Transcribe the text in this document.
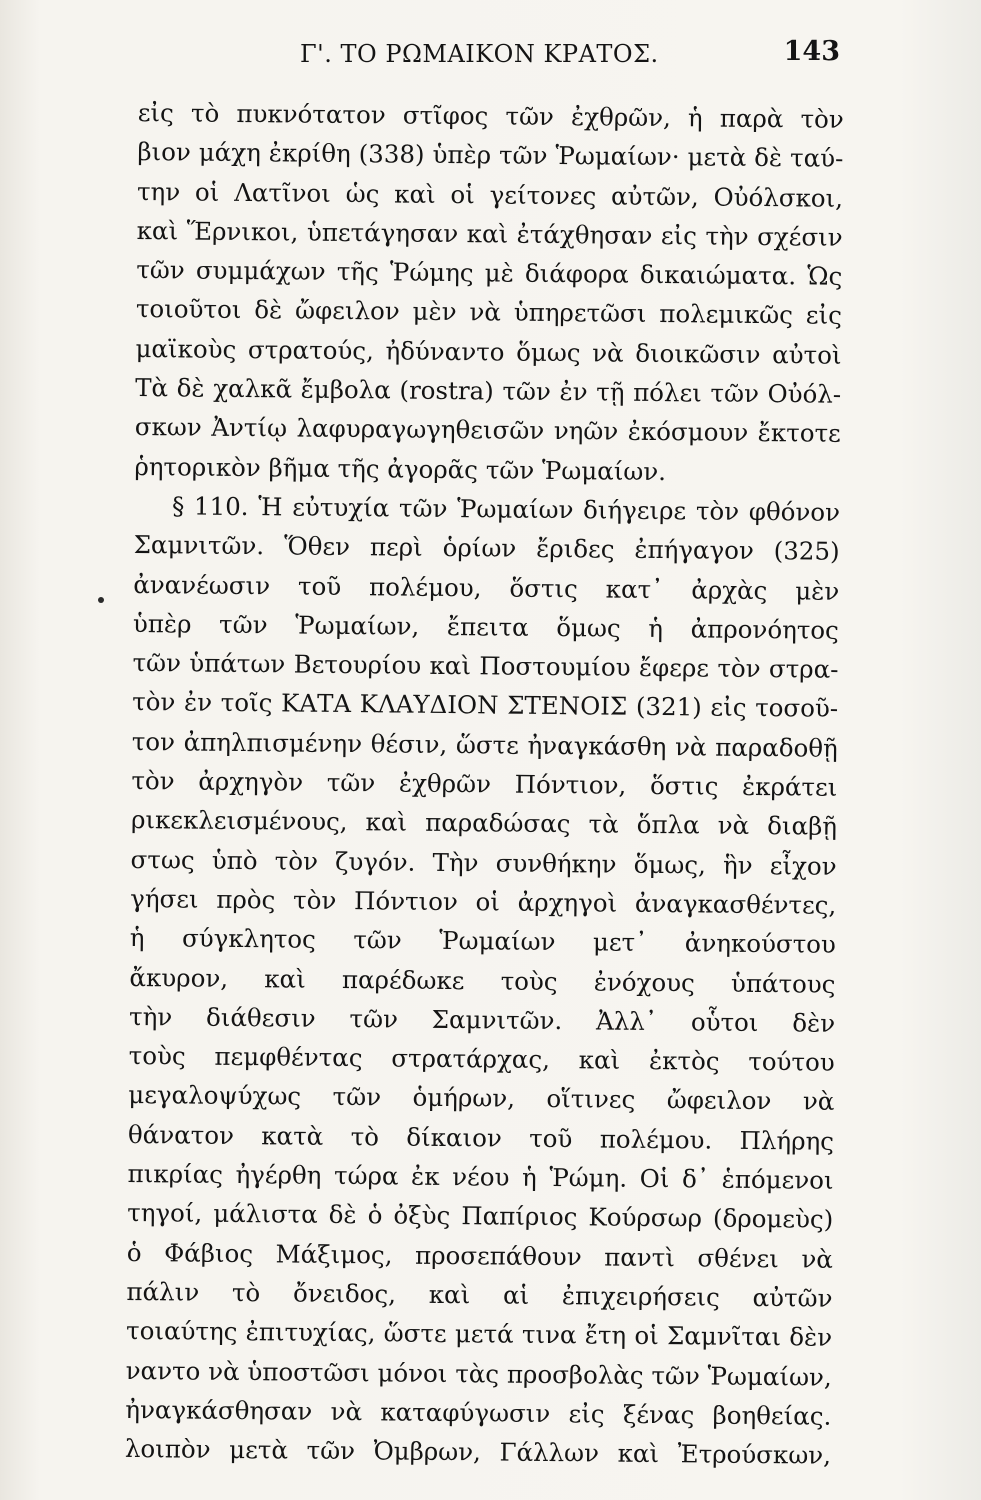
Γ'. ΤΟ ΡΩΜΑΙΚΟΝ ΚΡΑΤΟΣ.	143
εἰς τὸ πυκνότατον στῖφος τῶν ἐχθρῶν, ἡ παρὰ τὸν
βιον μάχη ἐκρίθη (338) ὑπὲρ τῶν Ῥωμαίων· μετὰ δὲ ταύ-
την οἱ Λατῖνοι ὡς καὶ οἱ γείτονες αὐτῶν, Οὐόλσκοι,
καὶ Ἕρνικοι, ὑπετάγησαν καὶ ἐτάχθησαν εἰς τὴν σχέσιν
τῶν συμμάχων τῆς Ῥώμης μὲ διάφορα δικαιώματα. Ὡς
τοιοῦτοι δὲ ὤφειλον μὲν νὰ ὑπηρετῶσι πολεμικῶς εἰς
μαϊκοὺς στρατούς, ἠδύναντο ὅμως νὰ διοικῶσιν αὐτοὶ
Τὰ δὲ χαλκᾶ ἔμβολα (rostra) τῶν ἐν τῇ πόλει τῶν Οὐόλ-
σκων Ἀντίῳ λαφυραγωγηθεισῶν νηῶν ἐκόσμουν ἔκτοτε
ῥητορικὸν βῆμα τῆς ἀγορᾶς τῶν Ῥωμαίων.
§ 110. Ἡ εὐτυχία τῶν Ῥωμαίων διήγειρε τὸν φθόνον
Σαμνιτῶν. Ὅθεν περὶ ὁρίων ἔριδες ἐπήγαγον (325)
ἀνανέωσιν τοῦ πολέμου, ὅστις κατ᾽ ἀρχὰς μὲν
ὑπὲρ τῶν Ῥωμαίων, ἔπειτα ὅμως ἡ ἀπρονόητος
τῶν ὑπάτων Βετουρίου καὶ Ποστουμίου ἔφερε τὸν στρα-
τὸν ἐν τοῖς ΚΑΤΑ ΚΛΑΥΔΙΟΝ ΣΤΕΝΟΙΣ (321) εἰς τοσοῦ-
τον ἀπηλπισμένην θέσιν, ὥστε ἠναγκάσθη νὰ παραδοθῇ
τὸν ἀρχηγὸν τῶν ἐχθρῶν Πόντιον, ὅστις ἐκράτει
ρικεκλεισμένους, καὶ παραδώσας τὰ ὅπλα νὰ διαβῇ
στως ὑπὸ τὸν ζυγόν. Τὴν συνθήκην ὅμως, ἣν εἶχον
γήσει πρὸς τὸν Πόντιον οἱ ἀρχηγοὶ ἀναγκασθέντες,
ἡ σύγκλητος τῶν Ῥωμαίων μετ᾽ ἀνηκούστου
ἄκυρον, καὶ παρέδωκε τοὺς ἐνόχους ὑπάτους
τὴν διάθεσιν τῶν Σαμνιτῶν. Ἀλλ᾽ οὗτοι δὲν
τοὺς πεμφθέντας στρατάρχας, καὶ ἐκτὸς τούτου
μεγαλοψύχως τῶν ὁμήρων, οἵτινες ὤφειλον νὰ
θάνατον κατὰ τὸ δίκαιον τοῦ πολέμου. Πλήρης
πικρίας ἠγέρθη τώρα ἐκ νέου ἡ Ῥώμη. Οἱ δ᾽ ἑπόμενοι
τηγοί, μάλιστα δὲ ὁ ὀξὺς Παπίριος Κούρσωρ (δρομεὺς)
ὁ Φάβιος Μάξιμος, προσεπάθουν παντὶ σθένει νὰ
πάλιν τὸ ὄνειδος, καὶ αἱ ἐπιχειρήσεις αὐτῶν
τοιαύτης ἐπιτυχίας, ὥστε μετά τινα ἔτη οἱ Σαμνῖται δὲν
ναντο νὰ ὑποστῶσι μόνοι τὰς προσβολὰς τῶν Ῥωμαίων,
ἠναγκάσθησαν νὰ καταφύγωσιν εἰς ξένας βοηθείας.
λοιπὸν μετὰ τῶν Ὀμβρων, Γάλλων καὶ Ἐτρούσκων,
